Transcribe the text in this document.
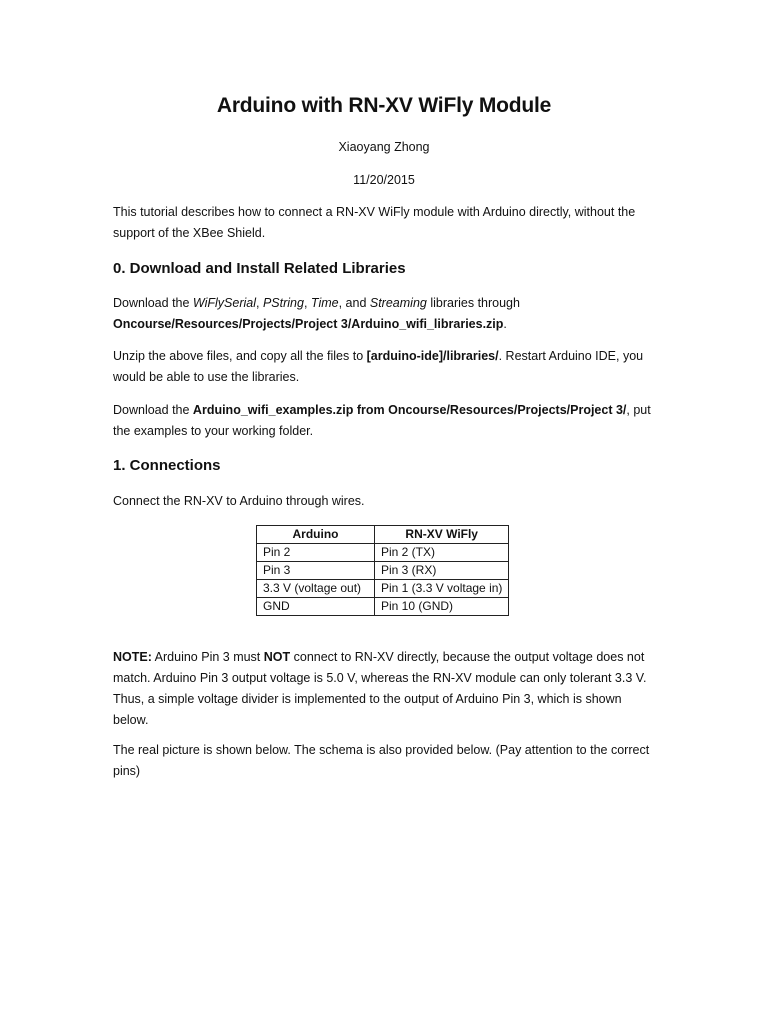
Arduino with RN-XV WiFly Module
Xiaoyang Zhong
11/20/2015
This tutorial describes how to connect a RN-XV WiFly module with Arduino directly, without the support of the XBee Shield.
0. Download and Install Related Libraries
Download the WiFlySerial, PString, Time, and Streaming libraries through
Oncourse/Resources/Projects/Project 3/Arduino_wifi_libraries.zip.
Unzip the above files, and copy all the files to [arduino-ide]/libraries/. Restart Arduino IDE, you would be able to use the libraries.
Download the Arduino_wifi_examples.zip from Oncourse/Resources/Projects/Project 3/, put the examples to your working folder.
1. Connections
Connect the RN-XV to Arduino through wires.
Arduino	RN-XV WiFly
Pin 2	Pin 2 (TX)
Pin 3	Pin 3 (RX)
3.3 V (voltage out)	Pin 1 (3.3 V voltage in)
GND	Pin 10 (GND)
NOTE: Arduino Pin 3 must NOT connect to RN-XV directly, because the output voltage does not match. Arduino Pin 3 output voltage is 5.0 V, whereas the RN-XV module can only tolerant 3.3 V. Thus, a simple voltage divider is implemented to the output of Arduino Pin 3, which is shown below.
The real picture is shown below. The schema is also provided below. (Pay attention to the correct pins)
